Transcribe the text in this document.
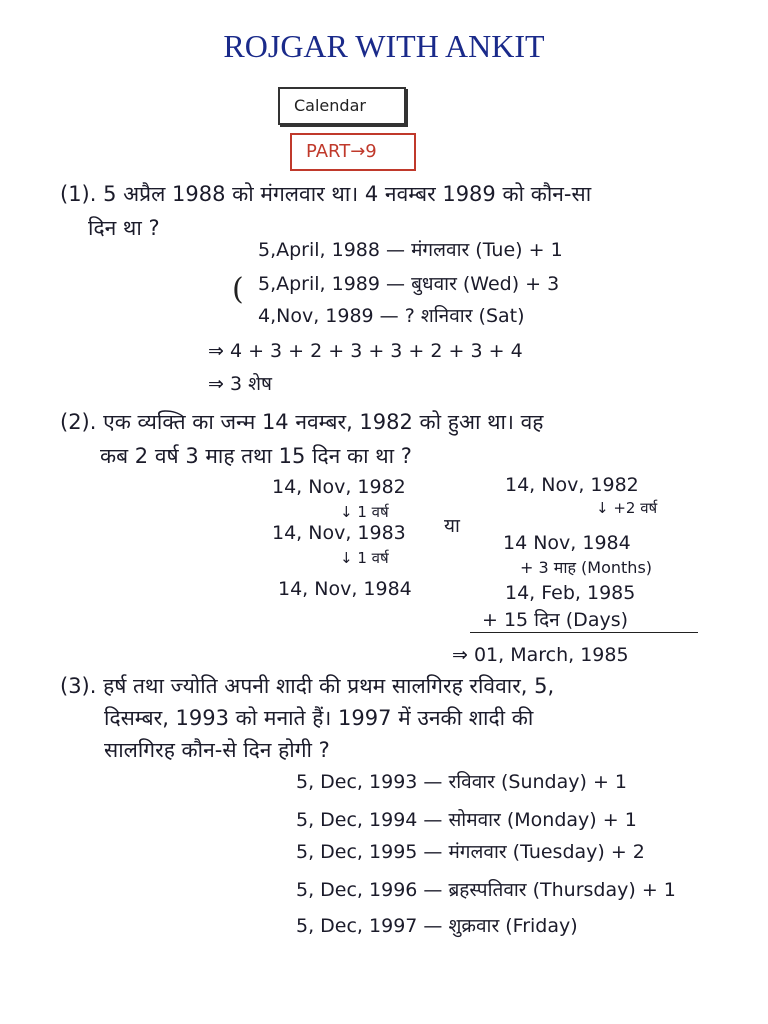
ROJGAR WITH ANKIT
Calendar
PART→9
(1). 5 अप्रैल 1988 को मंगलवार था। 4 नवम्बर 1989 को कौन-सा
दिन था ?
5,April, 1988 — मंगलवार (Tue) + 1
( 5,April, 1989 — बुधवार (Wed) + 3
4,Nov, 1989 — ? शनिवार (Sat)
⇒ 4 + 3 + 2 + 3 + 3 + 2 + 3 + 4
⇒ 3 शेष
(2). एक व्यक्ति का जन्म 14 नवम्बर, 1982 को हुआ था। वह
कब 2 वर्ष 3 माह तथा 15 दिन का था ?
14, Nov, 1982
↓ 1 वर्ष
14, Nov, 1983
↓ 1 वर्ष
14, Nov, 1984
या
14, Nov, 1982
↓ +2 वर्ष
14 Nov, 1984
+ 3 माह (Months)
14, Feb, 1985
+ 15 दिन (Days)
⇒ 01, March, 1985
(3). हर्ष तथा ज्योति अपनी शादी की प्रथम सालगिरह रविवार, 5,
दिसम्बर, 1993 को मनाते हैं। 1997 में उनकी शादी की
सालगिरह कौन-से दिन होगी ?
5, Dec, 1993 — रविवार (Sunday) + 1
5, Dec, 1994 — सोमवार (Monday) + 1
5, Dec, 1995 — मंगलवार (Tuesday) + 2
5, Dec, 1996 — ब्रहस्पतिवार (Thursday) + 1
5, Dec, 1997 — शुक्रवार (Friday)
